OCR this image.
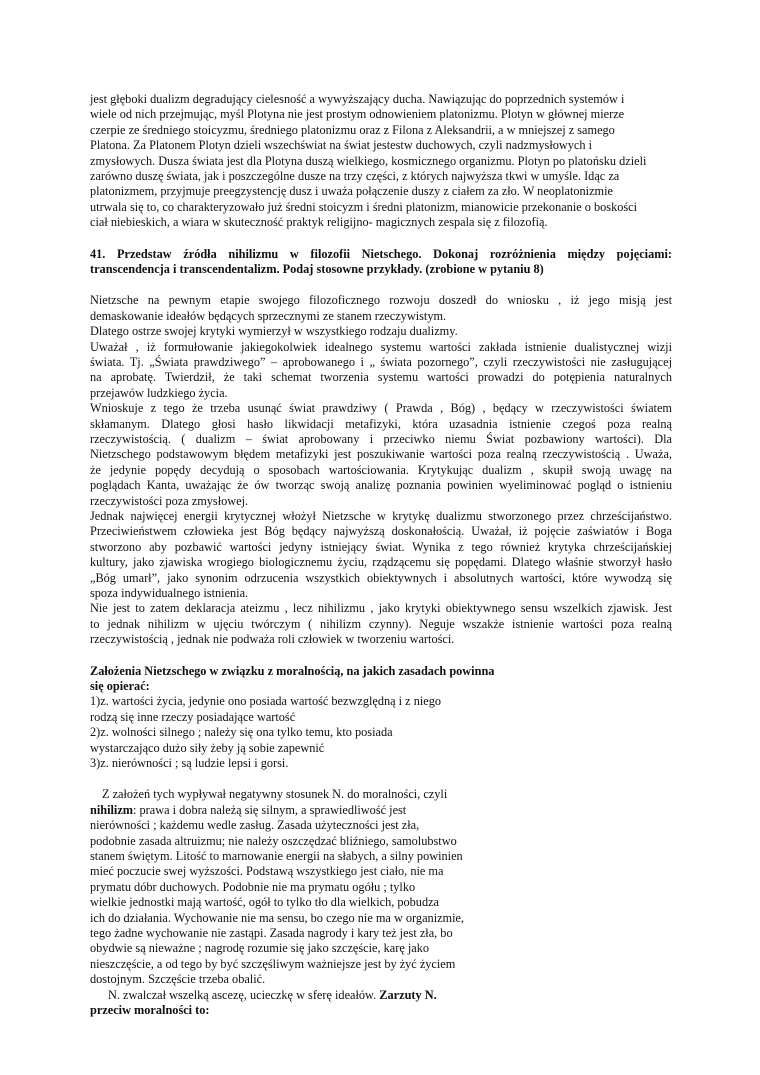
jest głęboki dualizm degradujący cielesność a wywyższający ducha. Nawiązując do poprzednich systemów i
wiele od nich przejmując, myśl Plotyna nie jest prostym odnowieniem platonizmu. Plotyn w głównej mierze
czerpie ze średniego stoicyzmu, średniego platonizmu oraz z Filona z Aleksandrii, a w mniejszej z samego
Platona. Za Platonem Plotyn dzieli wszechświat na świat jestestw duchowych, czyli nadzmysłowych i
zmysłowych. Dusza świata jest dla Plotyna duszą wielkiego, kosmicznego organizmu. Plotyn po platońsku dzieli
zarówno duszę świata, jak i poszczególne dusze na trzy części, z których najwyższa tkwi w umyśle. Idąc za
platonizmem, przyjmuje preegzystencję dusz i uważa połączenie duszy z ciałem za zło. W neoplatonizmie
utrwala się to, co charakteryzowało już średni stoicyzm i średni platonizm, mianowicie przekonanie o boskości
ciał niebieskich, a wiara w skuteczność praktyk religijno- magicznych zespala się z filozofią.
41. Przedstaw źródła nihilizmu w filozofii Nietschego. Dokonaj rozróżnienia między pojęciami:
transcendencja i transcendentalizm. Podaj stosowne przykłady. (zrobione w pytaniu 8)
Nietzsche na pewnym etapie swojego filozoficznego rozwoju doszedł do wniosku , iż jego misją jest
demaskowanie ideałów będących sprzecznymi ze stanem rzeczywistym.
Dlatego ostrze swojej krytyki wymierzył w wszystkiego rodzaju dualizmy.
Uważał , iż formułowanie jakiegokolwiek idealnego systemu wartości zakłada istnienie dualistycznej wizji
świata. Tj. „Świata prawdziwego” – aprobowanego i „ świata pozornego”, czyli rzeczywistości nie zasługującej
na aprobatę. Twierdził, że taki schemat tworzenia systemu wartości prowadzi do potępienia naturalnych
przejawów ludzkiego życia.
Wnioskuje z tego że trzeba usunąć świat prawdziwy ( Prawda , Bóg) , będący w rzeczywistości światem
skłamanym. Dlatego głosi hasło likwidacji metafizyki, która uzasadnia istnienie czegoś poza realną
rzeczywistością. ( dualizm – świat aprobowany i przeciwko niemu Świat pozbawiony wartości). Dla
Nietzschego podstawowym błędem metafizyki jest poszukiwanie wartości poza realną rzeczywistością . Uważa,
że jedynie popędy decydują o sposobach wartościowania. Krytykując dualizm , skupił swoją uwagę na
poglądach Kanta, uważając że ów tworząc swoją analizę poznania powinien wyeliminować pogląd o istnieniu
rzeczywistości poza zmysłowej.
Jednak najwięcej energii krytycznej włożył Nietzsche w krytykę dualizmu stworzonego przez chrześcijaństwo.
Przeciwieństwem człowieka jest Bóg będący najwyższą doskonałością. Uważał, iż pojęcie zaświatów i Boga
stworzono aby pozbawić wartości jedyny istniejący świat. Wynika z tego również krytyka chrześcijańskiej
kultury, jako zjawiska wrogiego biologicznemu życiu, rządzącemu się popędami. Dlatego właśnie stworzył hasło
„Bóg umarł”, jako synonim odrzucenia wszystkich obiektywnych i absolutnych wartości, które wywodzą się
spoza indywidualnego istnienia.
Nie jest to zatem deklaracja ateizmu , lecz nihilizmu , jako krytyki obiektywnego sensu wszelkich zjawisk. Jest
to jednak nihilizm w ujęciu twórczym ( nihilizm czynny). Neguje wszakże istnienie wartości poza realną
rzeczywistością , jednak nie podważa roli człowiek w tworzeniu wartości.
Założenia Nietzschego w związku z moralnością, na jakich zasadach powinna
się opierać:
1)z. wartości życia, jedynie ono posiada wartość bezwzględną i z niego
rodzą się inne rzeczy posiadające wartość
2)z. wolności silnego ; należy się ona tylko temu, kto posiada
wystarczająco dużo siły żeby ją sobie zapewnić
3)z. nierówności ; są ludzie lepsi i gorsi.
Z założeń tych wypływał negatywny stosunek N. do moralności, czyli
nihilizm: prawa i dobra należą się silnym, a sprawiedliwość jest
nierówności ; każdemu wedle zasług. Zasada użyteczności jest zła,
podobnie zasada altruizmu; nie należy oszczędzać bliźniego, samolubstwo
stanem świętym. Litość to marnowanie energii na słabych, a silny powinien
mieć poczucie swej wyższości. Podstawą wszystkiego jest ciało, nie ma
prymatu dóbr duchowych. Podobnie nie ma prymatu ogółu ; tylko
wielkie jednostki mają wartość, ogół to tylko tło dla wielkich, pobudza
ich do działania. Wychowanie nie ma sensu, bo czego nie ma w organizmie,
tego żadne wychowanie nie zastąpi. Zasada nagrody i kary też jest zła, bo
obydwie są nieważne ; nagrodę rozumie się jako szczęście, karę jako
nieszczęście, a od tego by być szczęśliwym ważniejsze jest by żyć życiem
dostojnym. Szczęście trzeba obalić.
N. zwalczał wszelką ascezę, ucieczkę w sferę ideałów. Zarzuty N.
przeciw moralności to:
